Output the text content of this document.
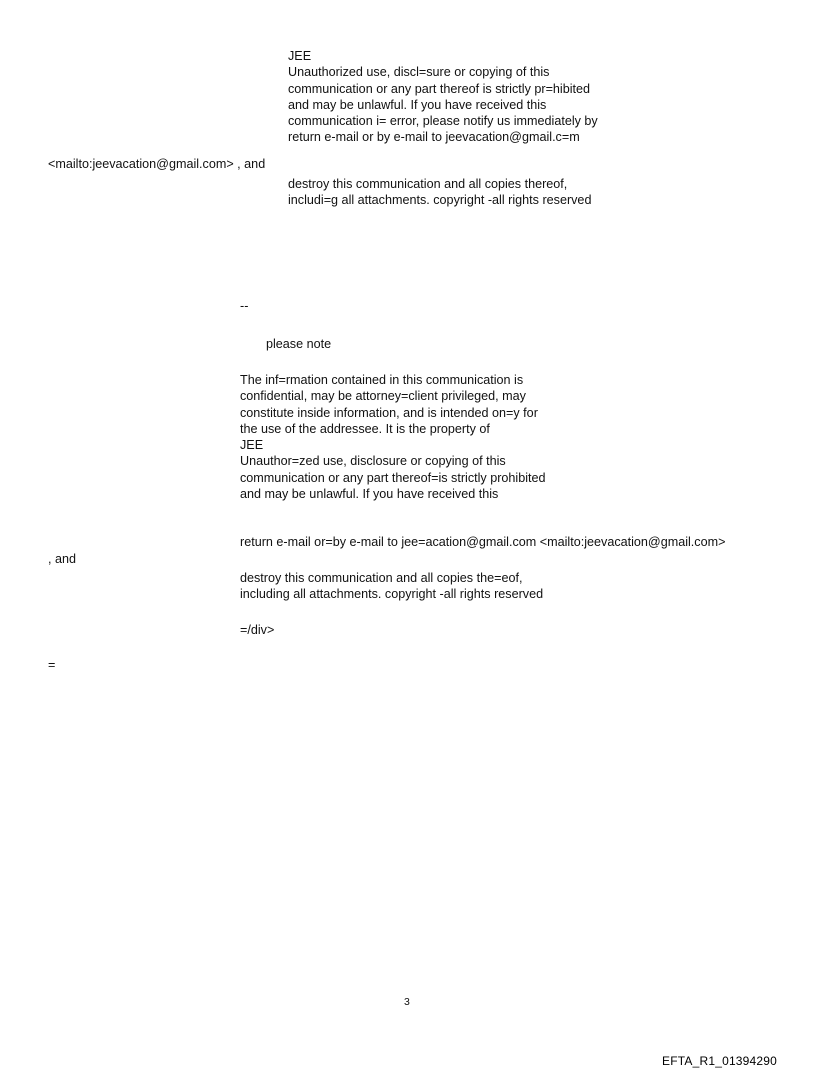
JEE
Unauthorized use, discl=sure or copying of this
communication or any part thereof is strictly pr=hibited
and may be unlawful. If you have received this
communication i= error, please notify us immediately by
return e-mail or by e-mail to jeevacation@gmail.c=m
<mailto:jeevacation@gmail.com> , and
destroy this communication and all copies thereof,
includi=g all attachments. copyright -all rights reserved
--
please note
The inf=rmation contained in this communication is
confidential, may be attorney=client privileged, may
constitute inside information, and is intended on=y for
the use of the addressee. It is the property of
JEE
Unauthor=zed use, disclosure or copying of this
communication or any part thereof=is strictly prohibited
and may be unlawful. If you have received this
return e-mail or=by e-mail to jee=acation@gmail.com <mailto:jeevacation@gmail.com>
, and
destroy this communication and all copies the=eof,
including all attachments. copyright -all rights reserved
=/div>
=
3
EFTA_R1_01394290
